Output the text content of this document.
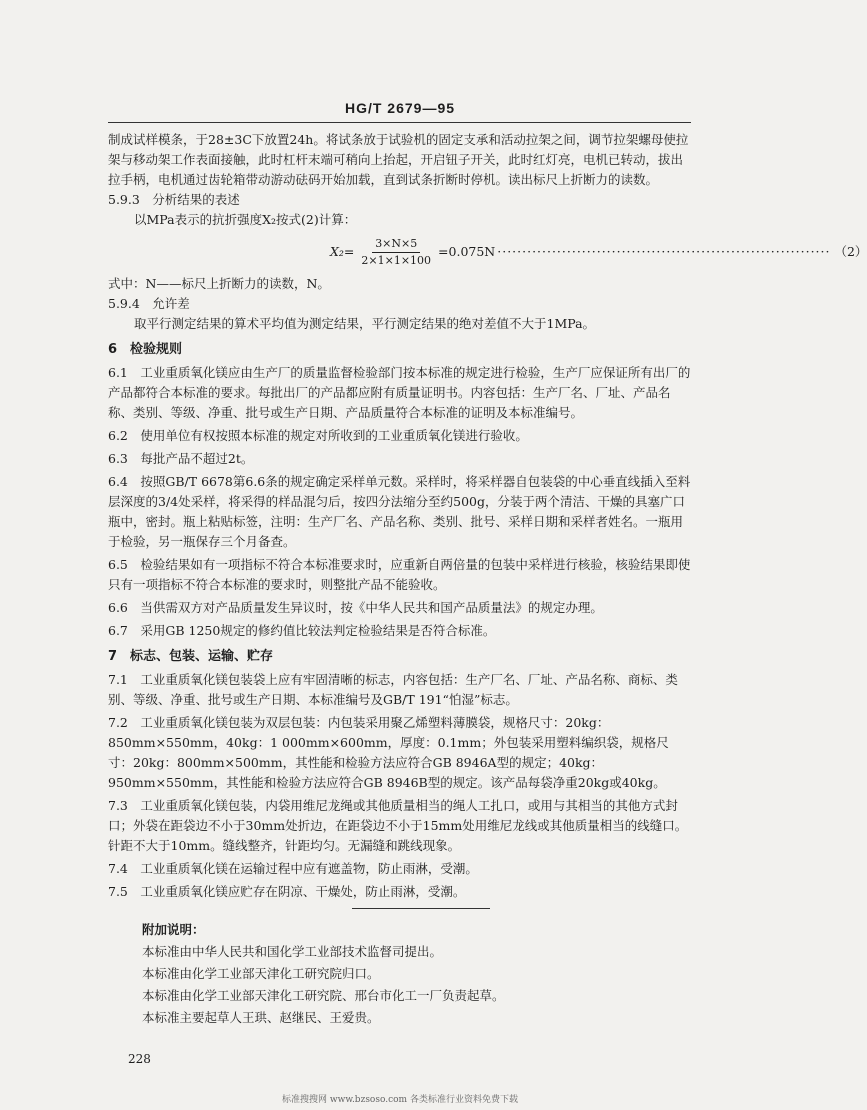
HG/T 2679—95

制成试样模条，于28±3C下放置24h。将试条放于试验机的固定支承和活动拉架之间，调节拉架螺母使拉架与移动架工作表面接触，此时杠杆末端可稍向上抬起，开启钮子开关，此时红灯亮，电机已转动，拔出拉手柄，电机通过齿轮箱带动游动砝码开始加载，直到试条折断时停机。读出标尺上折断力的读数。

5.9.3　分析结果的表述

以MPa表示的抗折强度X₂按式(2)计算：

$X_2= \frac{3\times N\times 5}{2\times 1\times 1\times 100} =0.075N$ ··································································· （2）

式中：N——标尺上折断力的读数，N。

5.9.4　允许差

取平行测定结果的算术平均值为测定结果，平行测定结果的绝对差值不大于1MPa。

6　检验规则

6.1　工业重质氧化镁应由生产厂的质量监督检验部门按本标准的规定进行检验，生产厂应保证所有出厂的产品都符合本标准的要求。每批出厂的产品都应附有质量证明书。内容包括：生产厂名、厂址、产品名称、类别、等级、净重、批号或生产日期、产品质量符合本标准的证明及本标准编号。

6.2　使用单位有权按照本标准的规定对所收到的工业重质氧化镁进行验收。

6.3　每批产品不超过2t。

6.4　按照GB/T 6678第6.6条的规定确定采样单元数。采样时，将采样器自包装袋的中心垂直线插入至料层深度的3/4处采样，将采得的样品混匀后，按四分法缩分至约500g，分装于两个清洁、干燥的具塞广口瓶中，密封。瓶上粘贴标签，注明：生产厂名、产品名称、类别、批号、采样日期和采样者姓名。一瓶用于检验，另一瓶保存三个月备查。

6.5　检验结果如有一项指标不符合本标准要求时，应重新自两倍量的包装中采样进行核验，核验结果即使只有一项指标不符合本标准的要求时，则整批产品不能验收。

6.6　当供需双方对产品质量发生异议时，按《中华人民共和国产品质量法》的规定办理。

6.7　采用GB 1250规定的修约值比较法判定检验结果是否符合标准。

7　标志、包装、运输、贮存

7.1　工业重质氧化镁包装袋上应有牢固清晰的标志，内容包括：生产厂名、厂址、产品名称、商标、类别、等级、净重、批号或生产日期、本标准编号及GB/T 191“怕湿”标志。

7.2　工业重质氧化镁包装为双层包装：内包装采用聚乙烯塑料薄膜袋，规格尺寸：20kg：850mm×550mm，40kg：1 000mm×600mm，厚度：0.1mm；外包装采用塑料编织袋，规格尺寸：20kg：800mm×500mm，其性能和检验方法应符合GB 8946A型的规定；40kg：950mm×550mm，其性能和检验方法应符合GB 8946B型的规定。该产品每袋净重20kg或40kg。

7.3　工业重质氧化镁包装，内袋用维尼龙绳或其他质量相当的绳人工扎口，或用与其相当的其他方式封口；外袋在距袋边不小于30mm处折边，在距袋边不小于15mm处用维尼龙线或其他质量相当的线缝口。针距不大于10mm。缝线整齐，针距均匀。无漏缝和跳线现象。

7.4　工业重质氧化镁在运输过程中应有遮盖物，防止雨淋，受潮。

7.5　工业重质氧化镁应贮存在阴凉、干燥处，防止雨淋，受潮。

附加说明：

本标准由中华人民共和国化学工业部技术监督司提出。

本标准由化学工业部天津化工研究院归口。

本标准由化学工业部天津化工研究院、邢台市化工一厂负责起草。

本标准主要起草人王珙、赵继民、王爱贵。

228
标准搜搜网 www.bzsoso.com 各类标准行业资料免费下载
